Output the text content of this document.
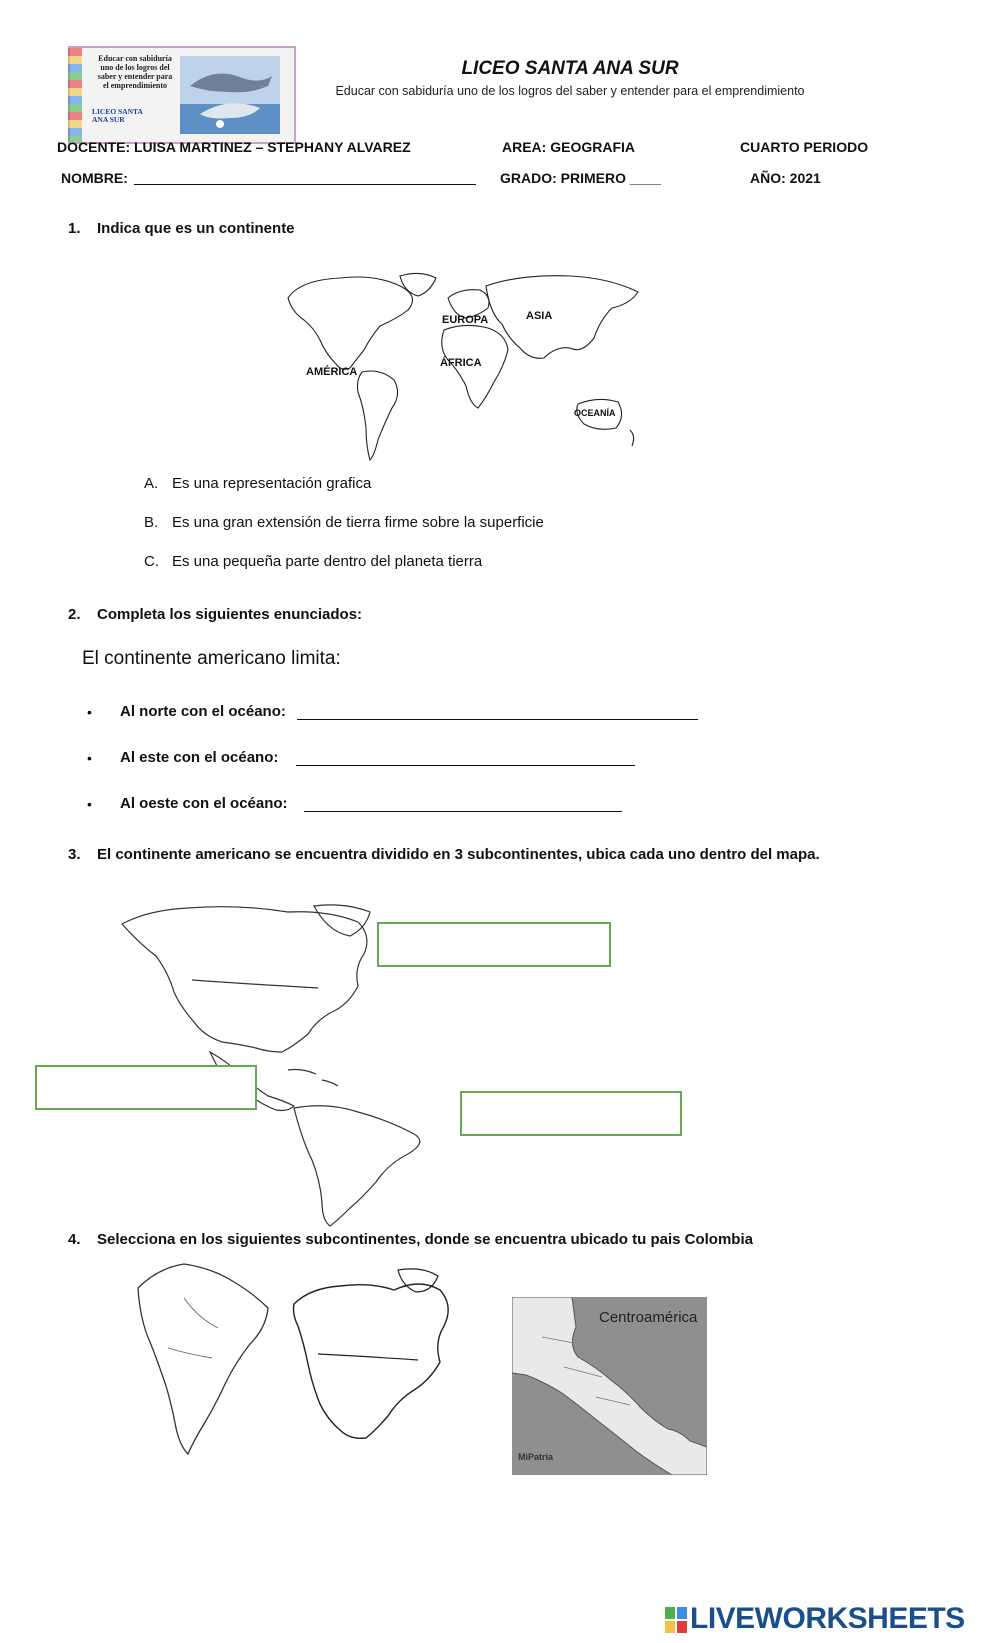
Educar con sabiduría uno de los logros del saber y entender para el emprendimiento
LICEO SANTA ANA SUR
LICEO SANTA ANA SUR
Educar con sabiduría uno de los logros del saber y entender para el emprendimiento
DOCENTE: LUISA MARTINEZ – STEPHANY ALVAREZ	AREA: GEOGRAFIA	CUARTO PERIODO
NOMBRE:	GRADO: PRIMERO ____	AÑO: 2021
1. Indica que es un continente
EUROPA	ASIA
ÁFRICA
AMÉRICA
OCEANÍA
A. Es una representación grafica
B. Es una gran extensión de tierra firme sobre la superficie
C. Es una pequeña parte dentro del planeta tierra
2. Completa los siguientes enunciados:
El continente americano limita:
• Al norte con el océano:
• Al este con el océano:
• Al oeste con el océano:
3. El continente americano se encuentra dividido en 3 subcontinentes, ubica cada uno dentro del mapa.
4. Selecciona en los siguientes subcontinentes, donde se encuentra ubicado tu pais Colombia
Centroamérica
MiPatria
LIVEWORKSHEETS
